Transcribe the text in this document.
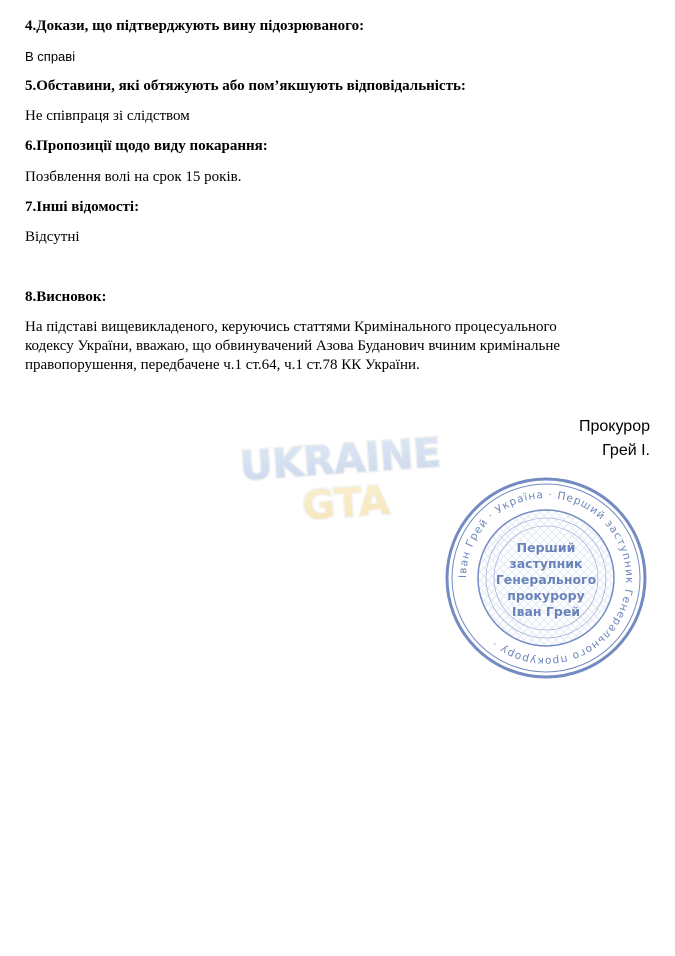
4.Докази, що підтверджують вину підозрюваного:
В справі
5.Обставини, які обтяжують або пом’якшують відповідальність:
Не співпраця зі слідством
6.Пропозиції щодо виду покарання:
Позбвлення волі на срок 15 років.
7.Інші відомості:
Відсутні
8.Висновок:
На підставі вищевикладеного, керуючись статтями Кримінального процесуального
кодексу України, вважаю, що обвинувачений Азова Буданович вчиним кримінальне
правопорушення, передбачене ч.1 ст.64, ч.1 ст.78 КК України.
Прокурор
Грей І.
UKRAINE
GTA
Іван Грей · Україна · Перший заступник Генерального прокурору ·
Перший
заступник
Генерального
прокурору
Іван Грей
